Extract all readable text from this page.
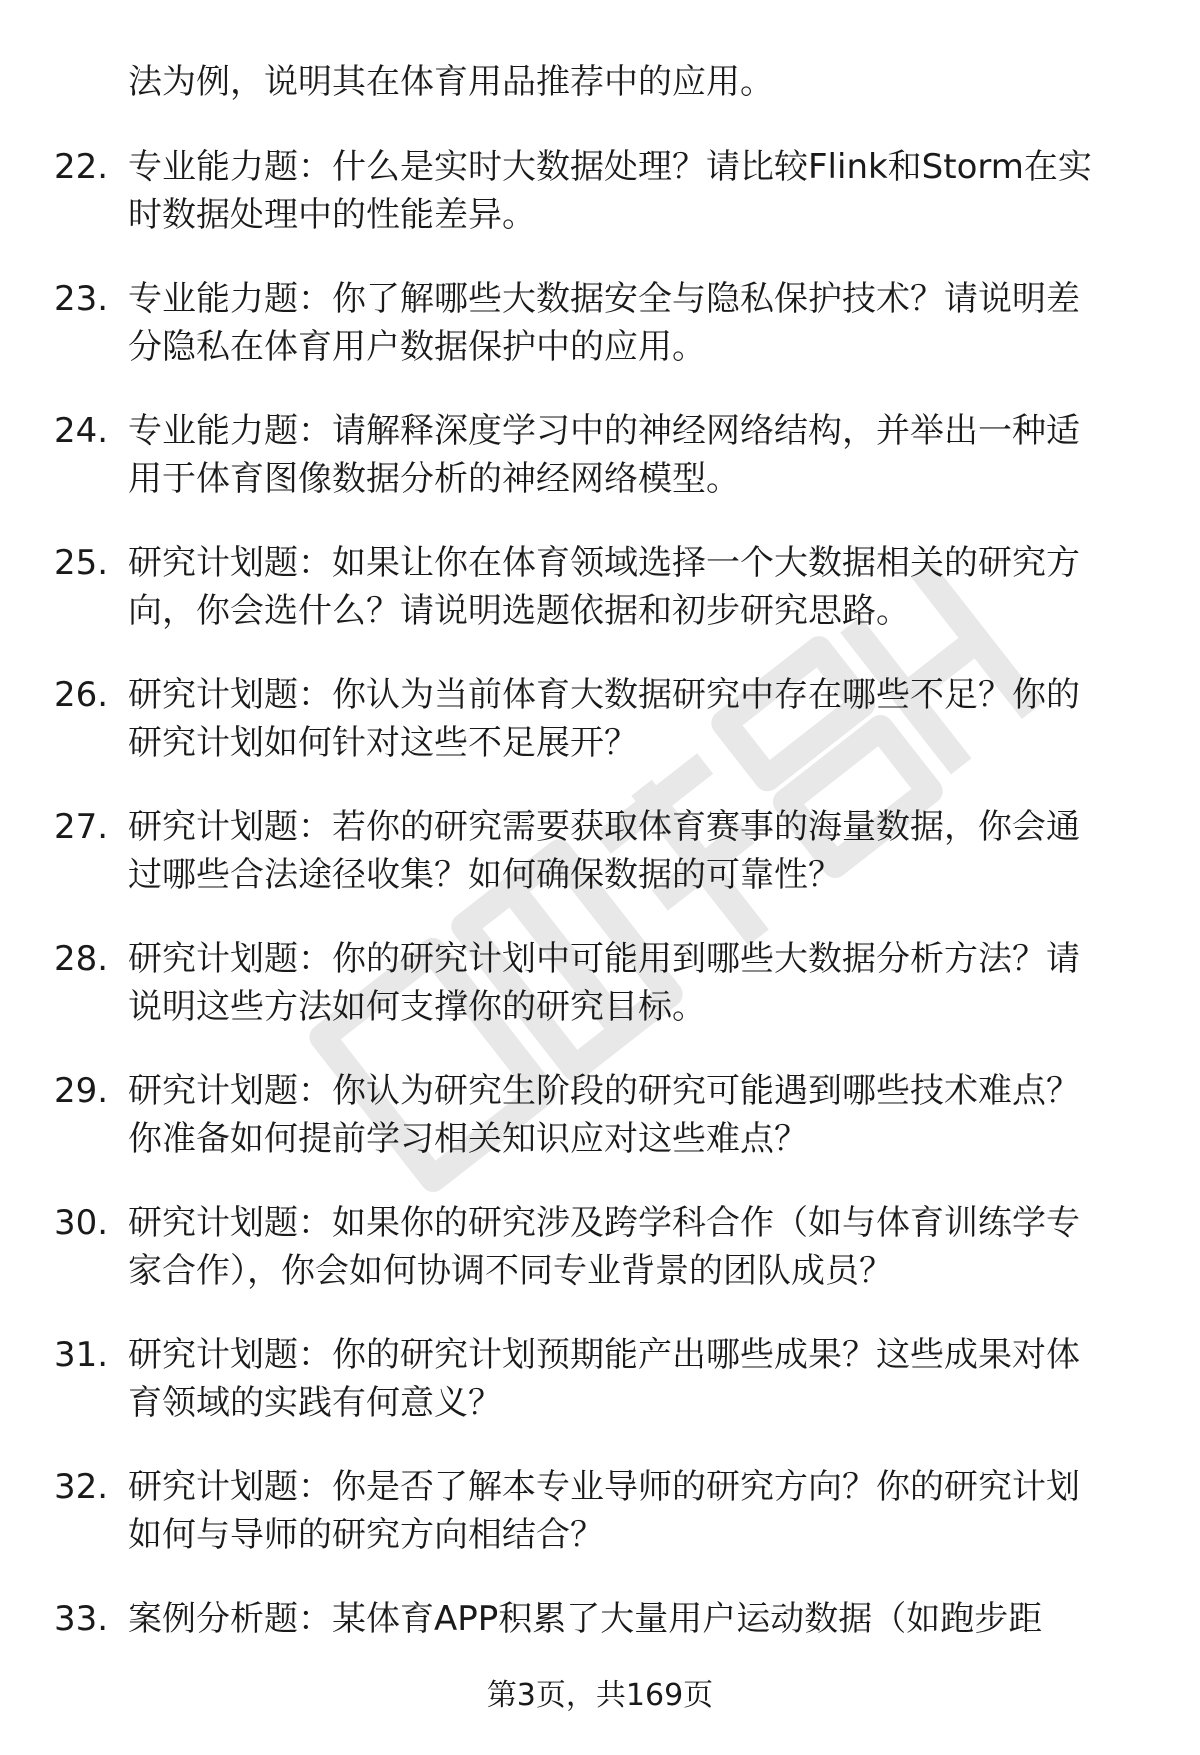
法为例，说明其在体育用品推荐中的应用。
22. 专业能力题：什么是实时大数据处理？请比较Flink和Storm在实
时数据处理中的性能差异。
23. 专业能力题：你了解哪些大数据安全与隐私保护技术？请说明差
分隐私在体育用户数据保护中的应用。
24. 专业能力题：请解释深度学习中的神经网络结构，并举出一种适
用于体育图像数据分析的神经网络模型。
25. 研究计划题：如果让你在体育领域选择一个大数据相关的研究方
向，你会选什么？请说明选题依据和初步研究思路。
26. 研究计划题：你认为当前体育大数据研究中存在哪些不足？你的
研究计划如何针对这些不足展开？
27. 研究计划题：若你的研究需要获取体育赛事的海量数据，你会通
过哪些合法途径收集？如何确保数据的可靠性？
28. 研究计划题：你的研究计划中可能用到哪些大数据分析方法？请
说明这些方法如何支撑你的研究目标。
29. 研究计划题：你认为研究生阶段的研究可能遇到哪些技术难点？
你准备如何提前学习相关知识应对这些难点？
30. 研究计划题：如果你的研究涉及跨学科合作（如与体育训练学专
家合作），你会如何协调不同专业背景的团队成员？
31. 研究计划题：你的研究计划预期能产出哪些成果？这些成果对体
育领域的实践有何意义？
32. 研究计划题：你是否了解本专业导师的研究方向？你的研究计划
如何与导师的研究方向相结合？
33. 案例分析题：某体育APP积累了大量用户运动数据（如跑步距
第3页，共169页
